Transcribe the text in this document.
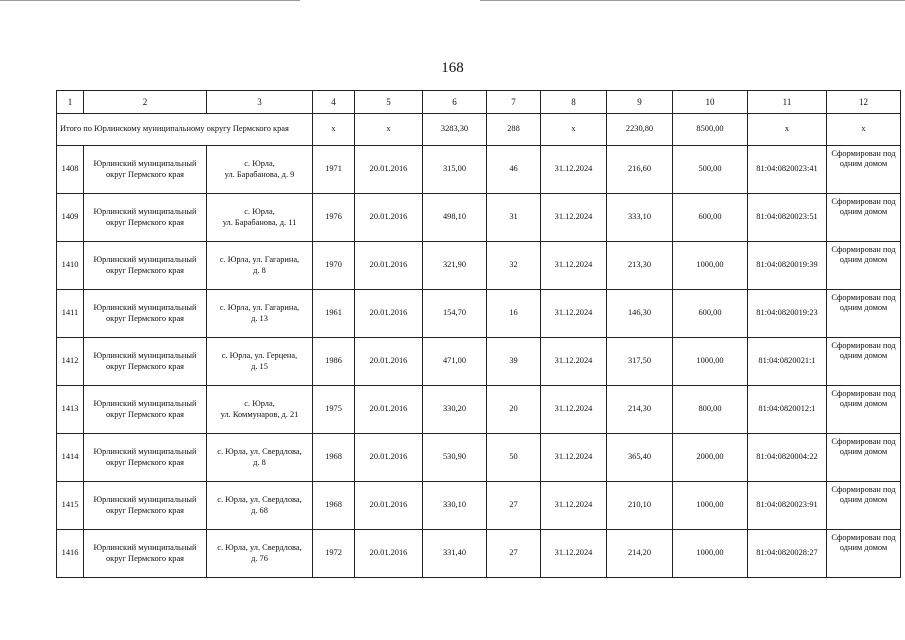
168
1	2	3	4	5	6	7	8	9	10	11	12
Итого по Юрлинскому муниципальному округу Пермского края			х	х	3283,30	288	х	2230,80	8500,00	х	х
1408	Юрлинский муниципальный округ Пермского края	с. Юрла,
ул. Барабанова, д. 9	1971	20.01.2016	315,00	46	31.12.2024	216,60	500,00	81:04:0820023:41	Сформирован под одним домом
1409	Юрлинский муниципальный округ Пермского края	с. Юрла,
ул. Барабанова, д. 11	1976	20.01.2016	498,10	31	31.12.2024	333,10	600,00	81:04:0820023:51	Сформирован под одним домом
1410	Юрлинский муниципальный округ Пермского края	с. Юрла, ул. Гагарина,
д. 8	1970	20.01.2016	321,90	32	31.12.2024	213,30	1000,00	81:04:0820019:39	Сформирован под одним домом
1411	Юрлинский муниципальный округ Пермского края	с. Юрла, ул. Гагарина,
д. 13	1961	20.01.2016	154,70	16	31.12.2024	146,30	600,00	81:04:0820019:23	Сформирован под одним домом
1412	Юрлинский муниципальный округ Пермского края	с. Юрла, ул. Герцена,
д. 15	1986	20.01.2016	471,00	39	31.12.2024	317,50	1000,00	81:04:0820021:1	Сформирован под одним домом
1413	Юрлинский муниципальный округ Пермского края	с. Юрла,
ул. Коммунаров, д. 21	1975	20.01.2016	330,20	20	31.12.2024	214,30	800,00	81:04:0820012:1	Сформирован под одним домом
1414	Юрлинский муниципальный округ Пермского края	с. Юрла, ул. Свердлова,
д. 8	1968	20.01.2016	530,90	50	31.12.2024	365,40	2000,00	81:04:0820004:22	Сформирован под одним домом
1415	Юрлинский муниципальный округ Пермского края	с. Юрла, ул. Свердлова,
д. 68	1968	20.01.2016	330,10	27	31.12.2024	210,10	1000,00	81:04:0820023:91	Сформирован под одним домом
1416	Юрлинский муниципальный округ Пермского края	с. Юрла, ул. Свердлова,
д. 76	1972	20.01.2016	331,40	27	31.12.2024	214,20	1000,00	81:04:0820028:27	Сформирован под одним домом
